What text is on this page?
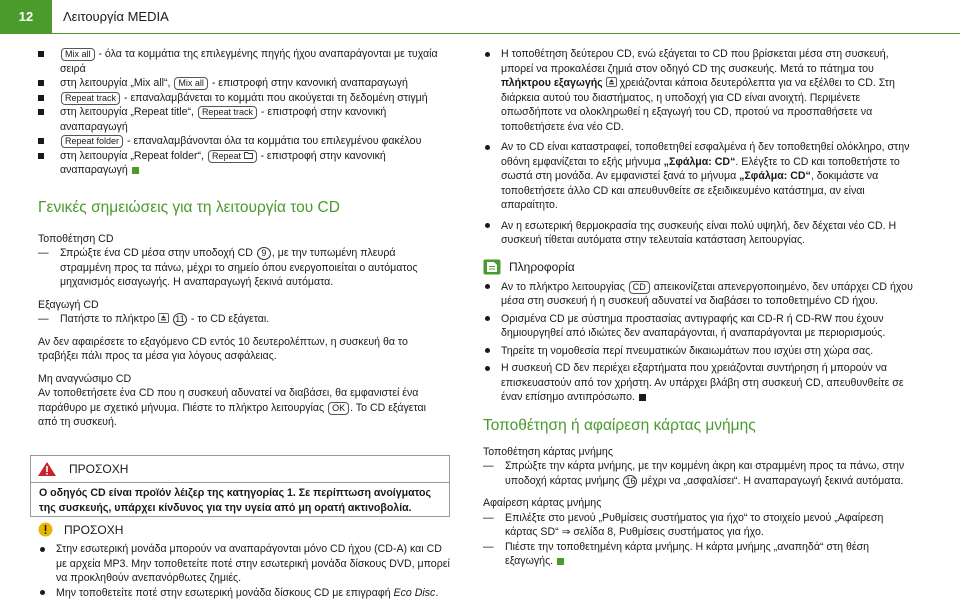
12	Λειτουργία MEDIA
Mix all - όλα τα κομμάτια της επιλεγμένης πηγής ήχου αναπαράγονται με τυχαία σειρά
στη λειτουργία „Mix all“, Mix all - επιστροφή στην κανονική αναπαραγωγή
Repeat track - επαναλαμβάνεται το κομμάτι που ακούγεται τη δεδομένη στιγμή
στη λειτουργία „Repeat title“, Repeat track - επιστροφή στην κανονική αναπαραγωγή
Repeat folder - επαναλαμβάνονται όλα τα κομμάτια του επιλεγμένου φακέλου
στη λειτουργία „Repeat folder“, Repeat  - επιστροφή στην κανονική αναπαραγωγή
Γενικές σημειώσεις για τη λειτουργία του CD

Τοποθέτηση CD

— Σπρώξτε ένα CD μέσα στην υποδοχή CD 9 , με την τυπωμένη πλευρά στραμμένη προς τα πάνω, μέχρι το σημείο όπου ενεργοποιείται ο αυτόματος μηχανισμός εισαγωγής. Η αναπαραγωγή ξεκινά αυτόματα.

Εξαγωγή CD

— Πατήστε το πλήκτρο  11 - το CD εξάγεται.

Αν δεν αφαιρέσετε το εξαγόμενο CD εντός 10 δευτερολέπτων, η συσκευή θα το τραβήξει πάλι προς τα μέσα για λόγους ασφάλειας.

Μη αναγνώσιμο CD

Αν τοποθετήσετε ένα CD που η συσκευή αδυνατεί να διαβάσει, θα εμφανιστεί ένα παράθυρο με σχετικό μήνυμα. Πιέστε το πλήκτρο λειτουργίας OK . Το CD εξάγεται από τη συσκευή.

ΠΡΟΣΟΧΗ
Ο οδηγός CD είναι προϊόν λέιζερ της κατηγορίας 1. Σε περίπτωση ανοίγματος της συσκευής, υπάρχει κίνδυνος για την υγεία από μη ορατή ακτινοβολία.
ΠΡΟΣΟΧΗ
Στην εσωτερική μονάδα μπορούν να αναπαράγονται μόνο CD ήχου (CD-A) και CD με αρχεία MP3. Μην τοποθετείτε ποτέ στην εσωτερική μονάδα δίσκους DVD, μπορεί να προκληθούν ανεπανόρθωτες ζημιές.
Μην τοποθετείτε ποτέ στην εσωτερική μονάδα δίσκους CD με επιγραφή Eco Disc.
Η τοποθέτηση δεύτερου CD, ενώ εξάγεται το CD που βρίσκεται μέσα στη συσκευή, μπορεί να προκαλέσει ζημιά στον οδηγό CD της συσκευής. Μετά το πάτημα του πλήκτρου εξαγωγής  χρειάζονται κάποια δευτερόλεπτα για να εξέλθει το CD. Στη διάρκεια αυτού του διαστήματος, η υποδοχή για CD είναι ανοιχτή. Περιμένετε οπωσδήποτε να ολοκληρωθεί η εξαγωγή του CD, προτού να προσπαθήσετε να τοποθετήσετε ένα νέο CD.
Αν το CD είναι καταστραφεί, τοποθετηθεί εσφαλμένα ή δεν τοποθετηθεί ολόκληρο, στην οθόνη εμφανίζεται το εξής μήνυμα „Σφάλμα: CD“. Ελέγξτε το CD και τοποθετήστε το σωστά στη μονάδα. Αν εμφανιστεί ξανά το μήνυμα „Σφάλμα: CD“, δοκιμάστε να τοποθετήσετε άλλο CD και απευθυνθείτε σε εξειδικευμένο κατάστημα, αν είναι απαραίτητο.
Αν η εσωτερική θερμοκρασία της συσκευής είναι πολύ υψηλή, δεν δέχεται νέο CD. Η συσκευή τίθεται αυτόματα στην τελευταία κατάσταση λειτουργίας.
Πληροφορία
Αν το πλήκτρο λειτουργίας CD απεικονίζεται απενεργοποιημένο, δεν υπάρχει CD ήχου μέσα στη συσκευή ή η συσκευή αδυνατεί να διαβάσει το τοποθετημένο CD ήχου.
Ορισμένα CD με σύστημα προστασίας αντιγραφής και CD-R ή CD-RW που έχουν δημιουργηθεί από ιδιώτες δεν αναπαράγονται, ή αναπαράγονται με περιορισμούς.
Τηρείτε τη νομοθεσία περί πνευματικών δικαιωμάτων που ισχύει στη χώρα σας.
Η συσκευή CD δεν περιέχει εξαρτήματα που χρειάζονται συντήρηση ή μπορούν να επισκευαστούν από τον χρήστη. Αν υπάρχει βλάβη στη συσκευή CD, απευθυνθείτε σε έναν επίσημο αντιπρόσωπο.
Τοποθέτηση ή αφαίρεση κάρτας μνήμης

Τοποθέτηση κάρτας μνήμης

— Σπρώξτε την κάρτα μνήμης, με την κομμένη άκρη και στραμμένη προς τα πάνω, στην υποδοχή κάρτας μνήμης 16 μέχρι να „ασφαλίσει“. Η αναπαραγωγή ξεκινά αυτόματα.

Αφαίρεση κάρτας μνήμης

— Επιλέξτε στο μενού „Ρυθμίσεις συστήματος για ήχο“ το στοιχείο μενού „Αφαίρεση κάρτας SD“ ⇒ σελίδα 8, Ρυθμίσεις συστήματος για ήχο.
— Πιέστε την τοποθετημένη κάρτα μνήμης. Η κάρτα μνήμης „αναπηδά“ στη θέση εξαγωγής.
